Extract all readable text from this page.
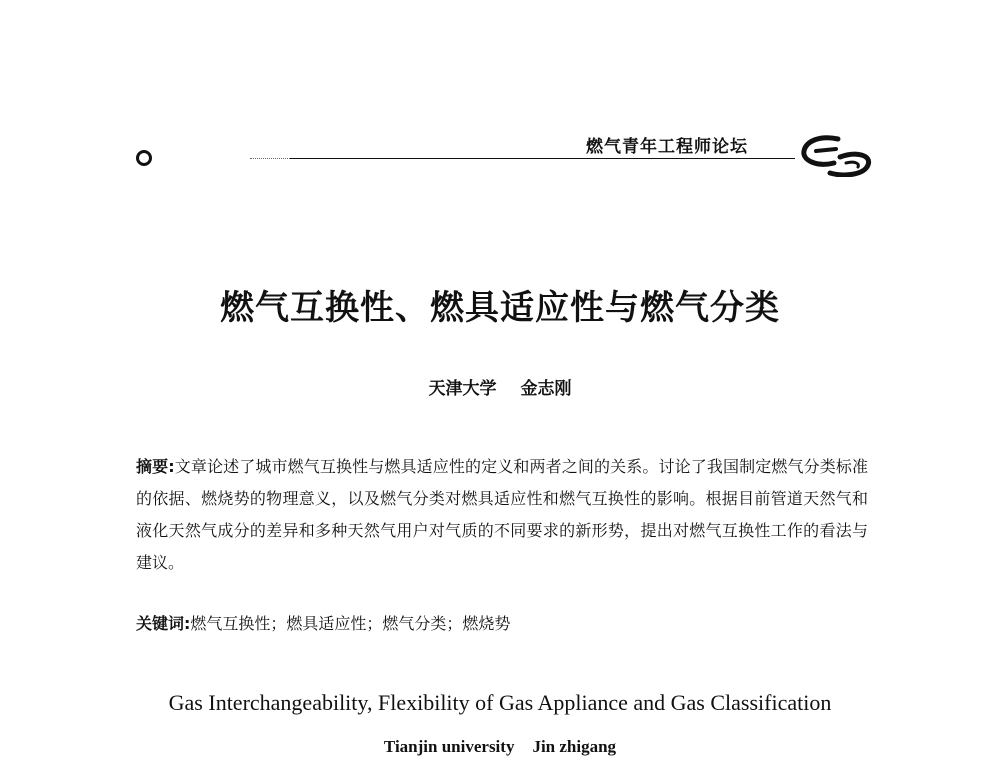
燃气青年工程师论坛
燃气互换性、燃具适应性与燃气分类
天津大学 金志刚

摘要:文章论述了城市燃气互换性与燃具适应性的定义和两者之间的关系。讨论了我国制定燃气分类标准的依据、燃烧势的物理意义，以及燃气分类对燃具适应性和燃气互换性的影响。根据目前管道天然气和液化天然气成分的差异和多种天然气用户对气质的不同要求的新形势，提出对燃气互换性工作的看法与建议。

关键词:燃气互换性；燃具适应性；燃气分类；燃烧势

Gas Interchangeability, Flexibility of Gas Appliance and Gas Classification
Tianjin university Jin zhigang
